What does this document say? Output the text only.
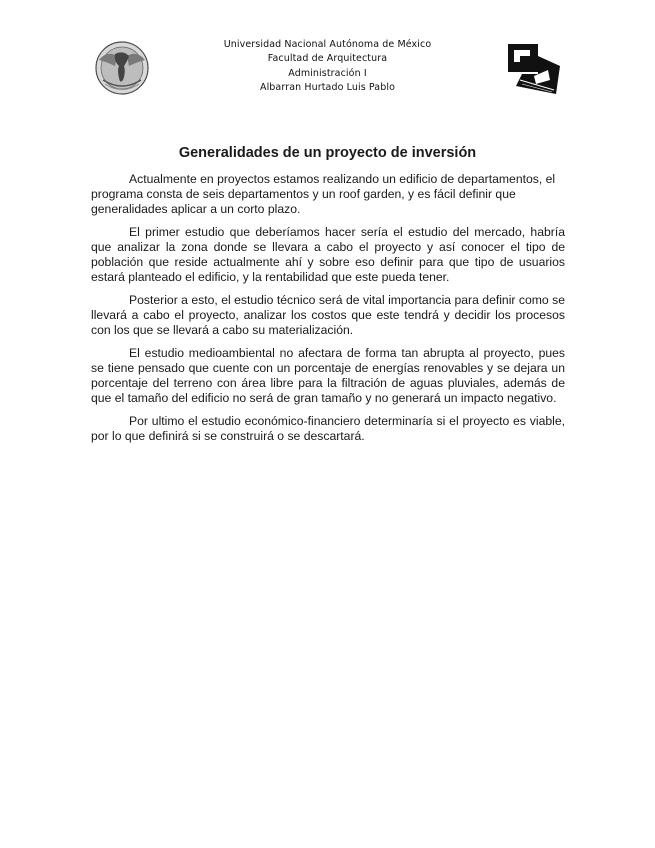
Universidad Nacional Autónoma de México
Facultad de Arquitectura
Administración I
Albarran Hurtado Luis Pablo
Generalidades de un proyecto de inversión

Actualmente en proyectos estamos realizando un edificio de departamentos, el programa consta de seis departamentos y un roof garden, y es fácil definir que generalidades aplicar a un corto plazo.

El primer estudio que deberíamos hacer sería el estudio del mercado, habría que analizar la zona donde se llevara a cabo el proyecto y así conocer el tipo de población que reside actualmente ahí y sobre eso definir para que tipo de usuarios estará planteado el edificio, y la rentabilidad que este pueda tener.

Posterior a esto, el estudio técnico será de vital importancia para definir como se llevará a cabo el proyecto, analizar los costos que este tendrá y decidir los procesos con los que se llevará a cabo su materialización.

El estudio medioambiental no afectara de forma tan abrupta al proyecto, pues se tiene pensado que cuente con un porcentaje de energías renovables y se dejara un porcentaje del terreno con área libre para la filtración de aguas pluviales, además de que el tamaño del edificio no será de gran tamaño y no generará un impacto negativo.

Por ultimo el estudio económico-financiero determinaría si el proyecto es viable, por lo que definirá si se construirá o se descartará.
